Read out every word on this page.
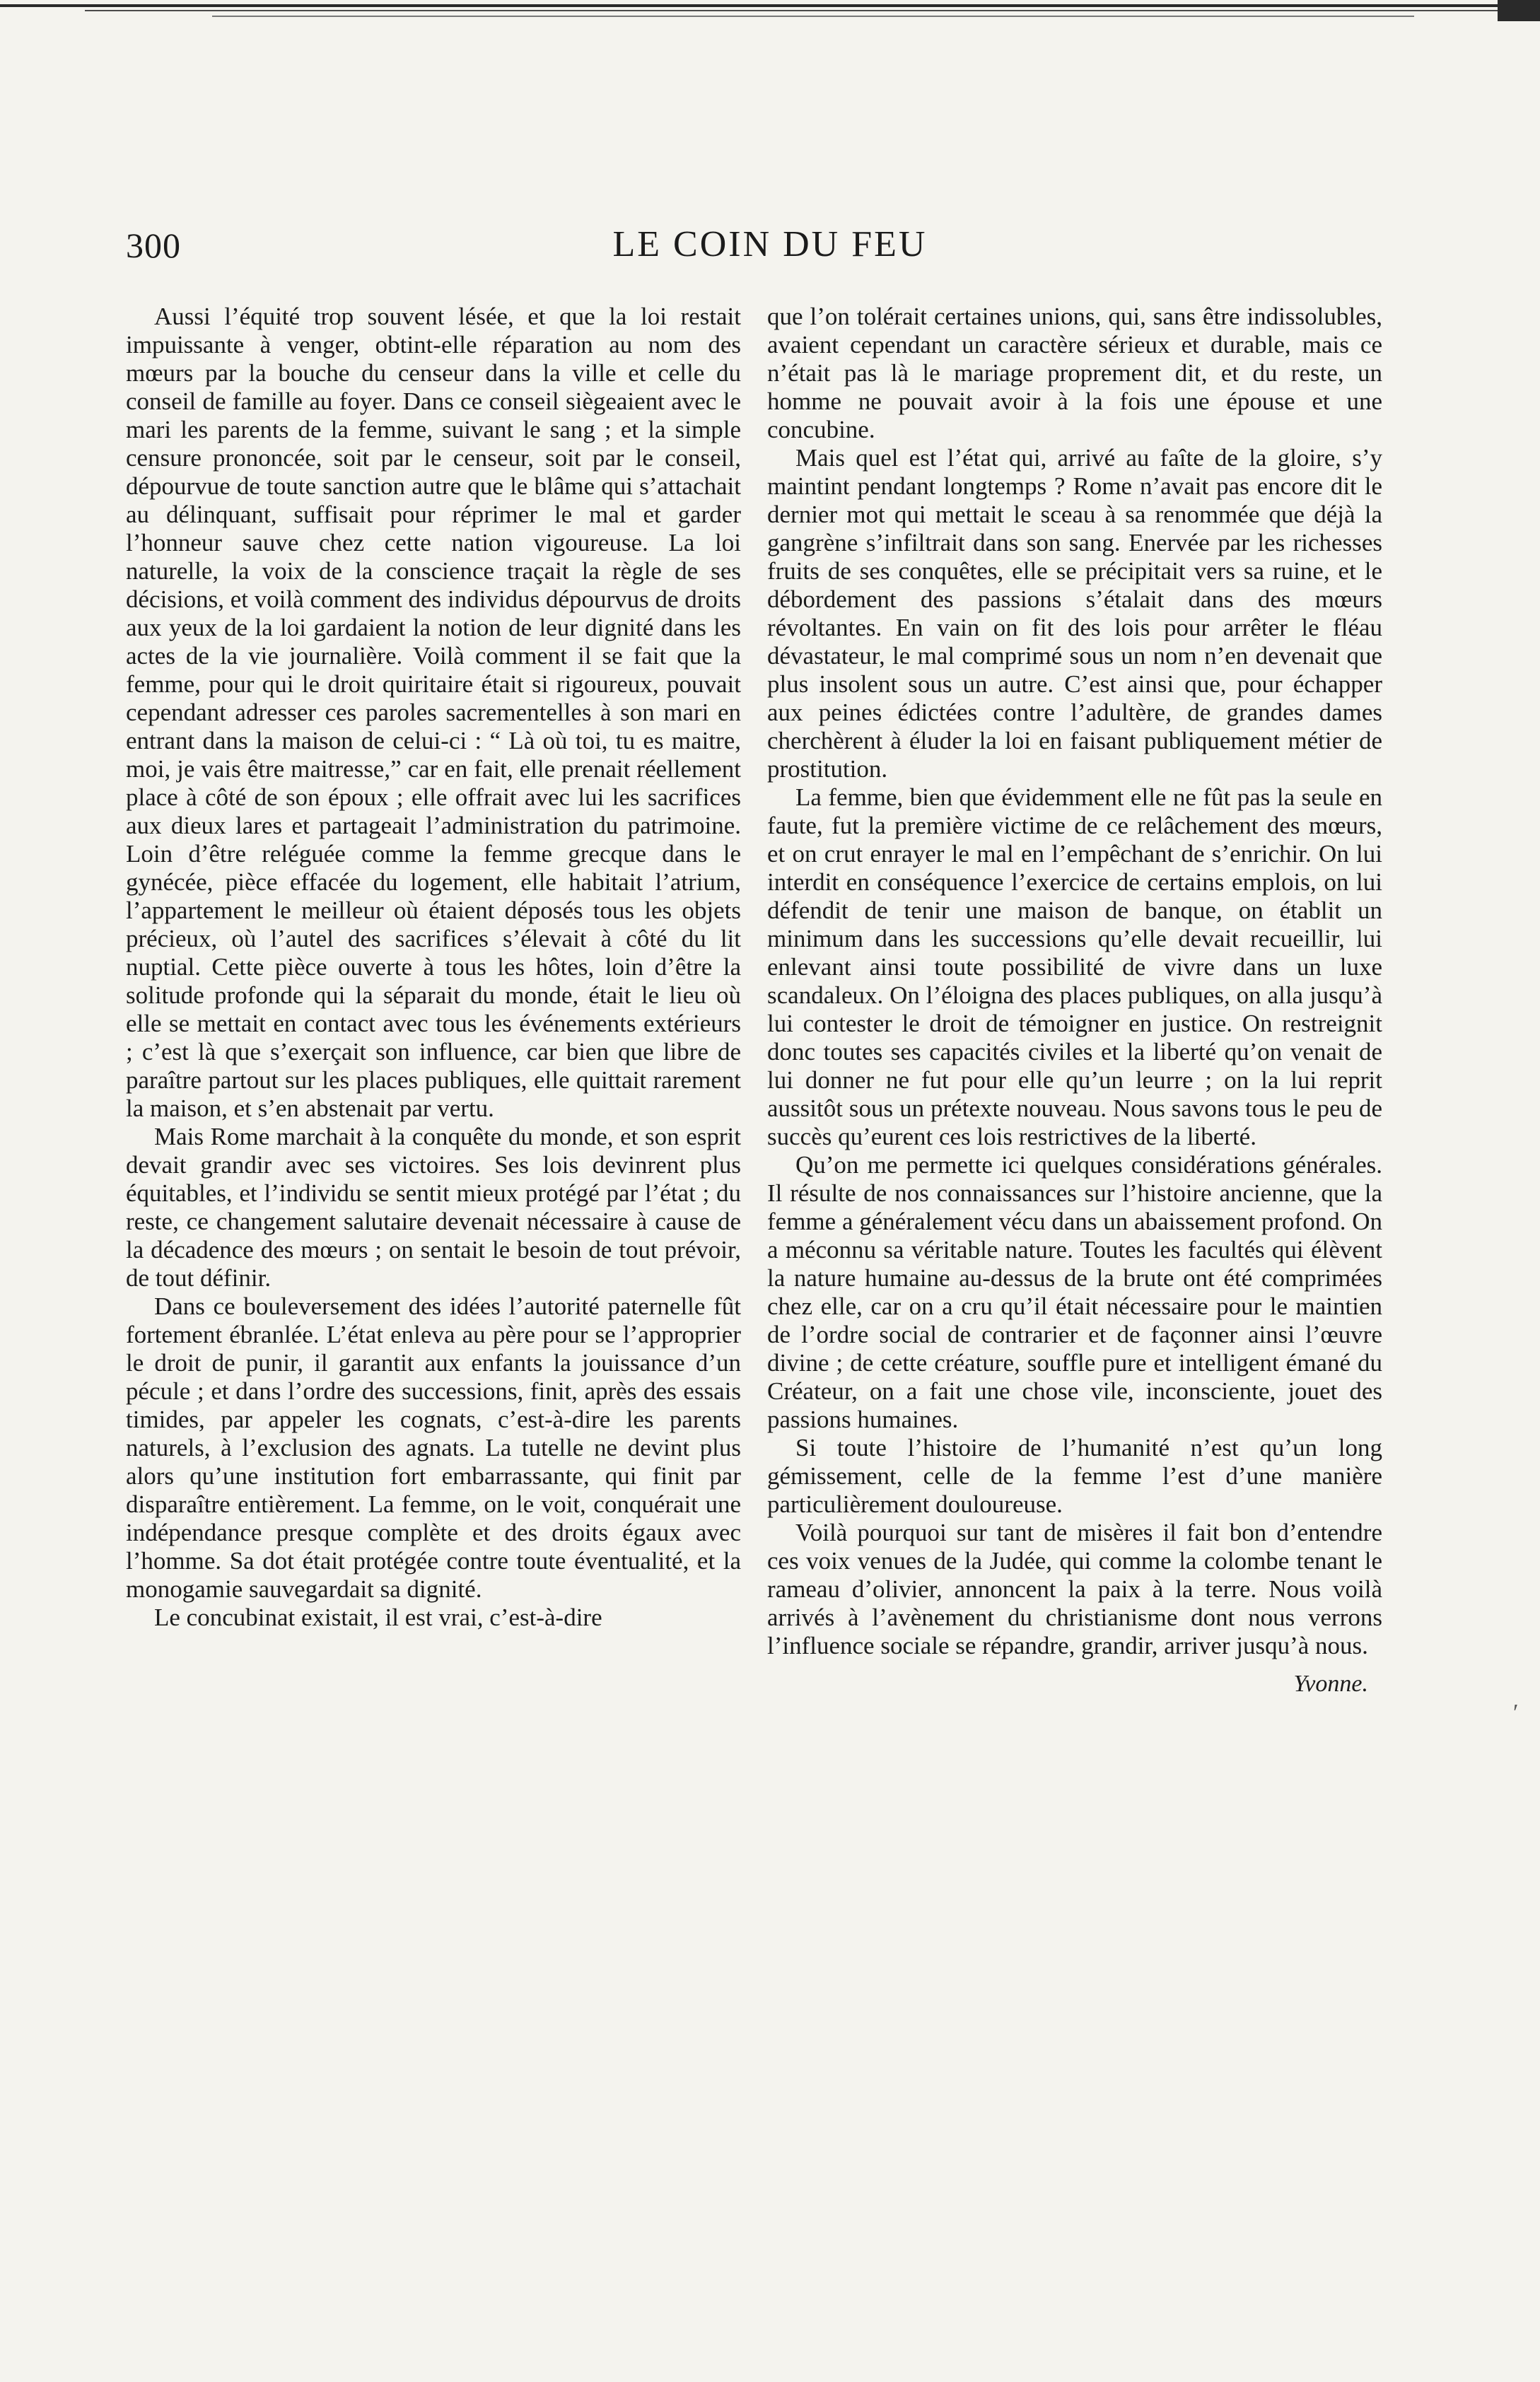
300	LE COIN DU FEU

Aussi l’équité trop souvent lésée, et que la loi restait impuissante à venger, obtint-elle réparation au nom des mœurs par la bouche du censeur dans la ville et celle du conseil de famille au foyer. Dans ce conseil siègeaient avec le mari les parents de la femme, suivant le sang ; et la simple censure prononcée, soit par le censeur, soit par le conseil, dépourvue de toute sanction autre que le blâme qui s’attachait au délinquant, suffisait pour réprimer le mal et garder l’honneur sauve chez cette nation vigoureuse. La loi naturelle, la voix de la conscience traçait la règle de ses décisions, et voilà comment des individus dépourvus de droits aux yeux de la loi gardaient la notion de leur dignité dans les actes de la vie journalière. Voilà comment il se fait que la femme, pour qui le droit quiritaire était si rigoureux, pouvait cependant adresser ces paroles sacrementelles à son mari en entrant dans la maison de celui-ci : “ Là où toi, tu es maitre, moi, je vais être maitresse,” car en fait, elle prenait réellement place à côté de son époux ; elle offrait avec lui les sacrifices aux dieux lares et partageait l’administration du patrimoine. Loin d’être reléguée comme la femme grecque dans le gynécée, pièce effacée du logement, elle habitait l’atrium, l’appartement le meilleur où étaient déposés tous les objets précieux, où l’autel des sacrifices s’élevait à côté du lit nuptial. Cette pièce ouverte à tous les hôtes, loin d’être la solitude profonde qui la séparait du monde, était le lieu où elle se mettait en contact avec tous les événements extérieurs ; c’est là que s’exerçait son influence, car bien que libre de paraître partout sur les places publiques, elle quittait rarement la maison, et s’en abstenait par vertu.

Mais Rome marchait à la conquête du monde, et son esprit devait grandir avec ses victoires. Ses lois devinrent plus équitables, et l’individu se sentit mieux protégé par l’état ; du reste, ce changement salutaire devenait nécessaire à cause de la décadence des mœurs ; on sentait le besoin de tout prévoir, de tout définir.

Dans ce bouleversement des idées l’autorité paternelle fût fortement ébranlée. L’état enleva au père pour se l’approprier le droit de punir, il garantit aux enfants la jouissance d’un pécule ; et dans l’ordre des successions, finit, après des essais timides, par appeler les cognats, c’est-à-dire les parents naturels, à l’exclusion des agnats. La tutelle ne devint plus alors qu’une institution fort embarrassante, qui finit par disparaître entièrement. La femme, on le voit, conquérait une indépendance presque complète et des droits égaux avec l’homme. Sa dot était protégée contre toute éventualité, et la monogamie sauvegardait sa dignité.

Le concubinat existait, il est vrai, c’est-à-dire

que l’on tolérait certaines unions, qui, sans être indissolubles, avaient cependant un caractère sérieux et durable, mais ce n’était pas là le mariage proprement dit, et du reste, un homme ne pouvait avoir à la fois une épouse et une concubine.

Mais quel est l’état qui, arrivé au faîte de la gloire, s’y maintint pendant longtemps ? Rome n’avait pas encore dit le dernier mot qui mettait le sceau à sa renommée que déjà la gangrène s’infiltrait dans son sang. Enervée par les richesses fruits de ses conquêtes, elle se précipitait vers sa ruine, et le débordement des passions s’étalait dans des mœurs révoltantes. En vain on fit des lois pour arrêter le fléau dévastateur, le mal comprimé sous un nom n’en devenait que plus insolent sous un autre. C’est ainsi que, pour échapper aux peines édictées contre l’adultère, de grandes dames cherchèrent à éluder la loi en faisant publiquement métier de prostitution.

La femme, bien que évidemment elle ne fût pas la seule en faute, fut la première victime de ce relâchement des mœurs, et on crut enrayer le mal en l’empêchant de s’enrichir. On lui interdit en conséquence l’exercice de certains emplois, on lui défendit de tenir une maison de banque, on établit un minimum dans les successions qu’elle devait recueillir, lui enlevant ainsi toute possibilité de vivre dans un luxe scandaleux. On l’éloigna des places publiques, on alla jusqu’à lui contester le droit de témoigner en justice. On restreignit donc toutes ses capacités civiles et la liberté qu’on venait de lui donner ne fut pour elle qu’un leurre ; on la lui reprit aussitôt sous un prétexte nouveau. Nous savons tous le peu de succès qu’eurent ces lois restrictives de la liberté.

Qu’on me permette ici quelques considérations générales. Il résulte de nos connaissances sur l’histoire ancienne, que la femme a généralement vécu dans un abaissement profond. On a méconnu sa véritable nature. Toutes les facultés qui élèvent la nature humaine au-dessus de la brute ont été comprimées chez elle, car on a cru qu’il était nécessaire pour le maintien de l’ordre social de contrarier et de façonner ainsi l’œuvre divine ; de cette créature, souffle pure et intelligent émané du Créateur, on a fait une chose vile, inconsciente, jouet des passions humaines.

Si toute l’histoire de l’humanité n’est qu’un long gémissement, celle de la femme l’est d’une manière particulièrement douloureuse.

Voilà pourquoi sur tant de misères il fait bon d’entendre ces voix venues de la Judée, qui comme la colombe tenant le rameau d’olivier, annoncent la paix à la terre. Nous voilà arrivés à l’avènement du christianisme dont nous verrons l’influence sociale se répandre, grandir, arriver jusqu’à nous.

Yvonne.
′
